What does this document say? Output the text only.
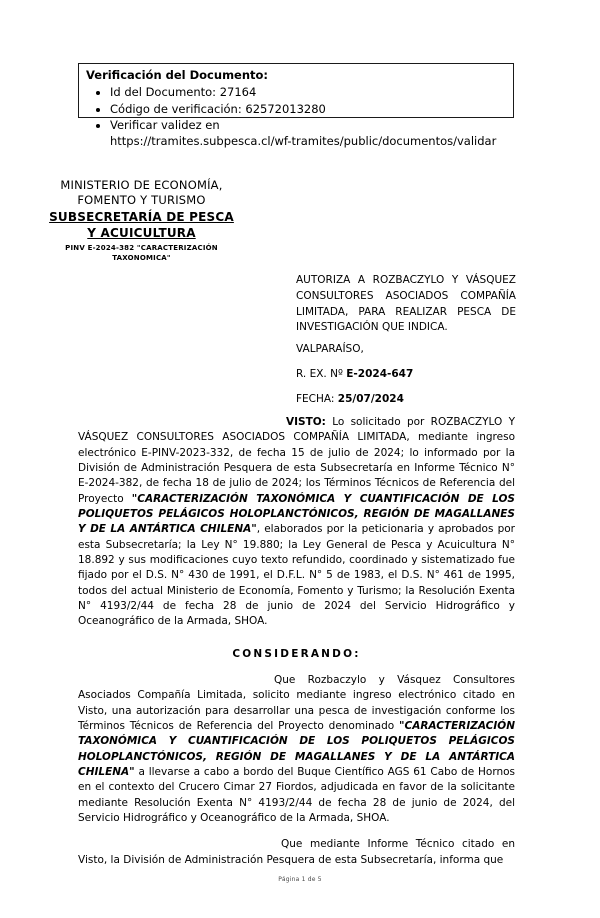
Verificación del Documento:
• Id del Documento: 27164
• Código de verificación: 62572013280
• Verificar validez en
https://tramites.subpesca.cl/wf-tramites/public/documentos/validar
MINISTERIO DE ECONOMÍA,
FOMENTO Y TURISMO
SUBSECRETARÍA DE PESCA
Y ACUICULTURA
PINV E-2024-382 "CARACTERIZACIÓN
TAXONOMICA"
AUTORIZA A ROZBACZYLO Y VÁSQUEZ CONSULTORES ASOCIADOS COMPAÑÍA LIMITADA, PARA REALIZAR PESCA DE INVESTIGACIÓN QUE INDICA.
VALPARAÍSO,
R. EX. Nº E-2024-647
FECHA: 25/07/2024

VISTO: Lo solicitado por ROZBACZYLO Y VÁSQUEZ CONSULTORES ASOCIADOS COMPAÑÍA LIMITADA, mediante ingreso electrónico E-PINV-2023-332, de fecha 15 de julio de 2024; lo informado por la División de Administración Pesquera de esta Subsecretaría en Informe Técnico N° E-2024-382, de fecha 18 de julio de 2024; los Términos Técnicos de Referencia del Proyecto "CARACTERIZACIÓN TAXONÓMICA Y CUANTIFICACIÓN DE LOS POLIQUETOS PELÁGICOS HOLOPLANCTÓNICOS, REGIÓN DE MAGALLANES Y DE LA ANTÁRTICA CHILENA", elaborados por la peticionaria y aprobados por esta Subsecretaría; la Ley N° 19.880; la Ley General de Pesca y Acuicultura N° 18.892 y sus modificaciones cuyo texto refundido, coordinado y sistematizado fue fijado por el D.S. N° 430 de 1991, el D.F.L. N° 5 de 1983, el D.S. N° 461 de 1995, todos del actual Ministerio de Economía, Fomento y Turismo; la Resolución Exenta N° 4193/2/44 de fecha 28 de junio de 2024 del Servicio Hidrográfico y Oceanográfico de la Armada, SHOA.

CONSIDERANDO:

Que Rozbaczylo y Vásquez Consultores Asociados Compañía Limitada, solicito mediante ingreso electrónico citado en Visto, una autorización para desarrollar una pesca de investigación conforme los Términos Técnicos de Referencia del Proyecto denominado "CARACTERIZACIÓN TAXONÓMICA Y CUANTIFICACIÓN DE LOS POLIQUETOS PELÁGICOS HOLOPLANCTÓNICOS, REGIÓN DE MAGALLANES Y DE LA ANTÁRTICA CHILENA" a llevarse a cabo a bordo del Buque Científico AGS 61 Cabo de Hornos en el contexto del Crucero Cimar 27 Fiordos, adjudicada en favor de la solicitante mediante Resolución Exenta N° 4193/2/44 de fecha 28 de junio de 2024, del Servicio Hidrográfico y Oceanográfico de la Armada, SHOA.

Que mediante Informe Técnico citado en Visto, la División de Administración Pesquera de esta Subsecretaría, informa que

Página 1 de 5
